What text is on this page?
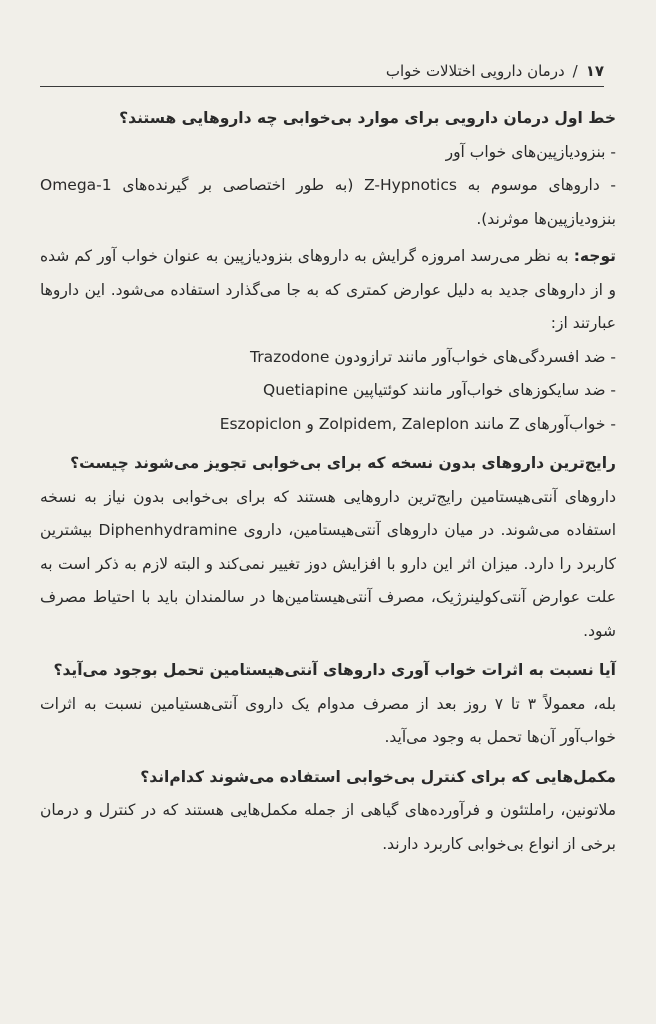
۱۷
/
درمان دارویی اختلالات خواب
خط اول درمان دارویی برای موارد بی‌خوابی چه داروهایی هستند؟

- بنزودیازپین‌های خواب آور

- داروهای موسوم به Z-Hypnotics (به طور اختصاصی بر گیرنده‌های Omega-1 بنزودیازپین‌ها موثرند).

توجه: به نظر می‌رسد امروزه گرایش به داروهای بنزودیازپین به عنوان خواب آور کم شده و از داروهای جدید به دلیل عوارض کمتری که به جا می‌گذارد استفاده می‌شود. این داروها عبارتند از:

- ضد افسردگی‌های خواب‌آور مانند ترازودون Trazodone

- ضد سایکوزهای خواب‌آور مانند کوئتیاپین Quetiapine

- خواب‌آورهای Z مانند Zolpidem, Zaleplon و Eszopiclon

رایج‌ترین داروهای بدون نسخه که برای بی‌خوابی تجویز می‌شوند چیست؟

داروهای آنتی‌هیستامین رایج‌ترین داروهایی هستند که برای بی‌خوابی بدون نیاز به نسخه استفاده می‌شوند. در میان داروهای آنتی‌هیستامین، داروی Diphenhydramine بیشترین کاربرد را دارد. میزان اثر این دارو با افزایش دوز تغییر نمی‌کند و البته لازم به ذکر است به علت عوارض آنتی‌کولینرژیک، مصرف آنتی‌هیستامین‌ها در سالمندان باید با احتیاط مصرف شود.

آیا نسبت به اثرات خواب آوری داروهای آنتی‌هیستامین تحمل بوجود می‌آید؟

بله، معمولاً ۳ تا ۷ روز بعد از مصرف مدوام یک داروی آنتی‌هستیامین نسبت به اثرات خواب‌آور آن‌ها تحمل به وجود می‌آید.

مکمل‌هایی که برای کنترل بی‌خوابی استفاده می‌شوند کدام‌اند؟

ملاتونین، راملتئون و فرآورده‌های گیاهی از جمله مکمل‌هایی هستند که در کنترل و درمان برخی از انواع بی‌خوابی کاربرد دارند.
